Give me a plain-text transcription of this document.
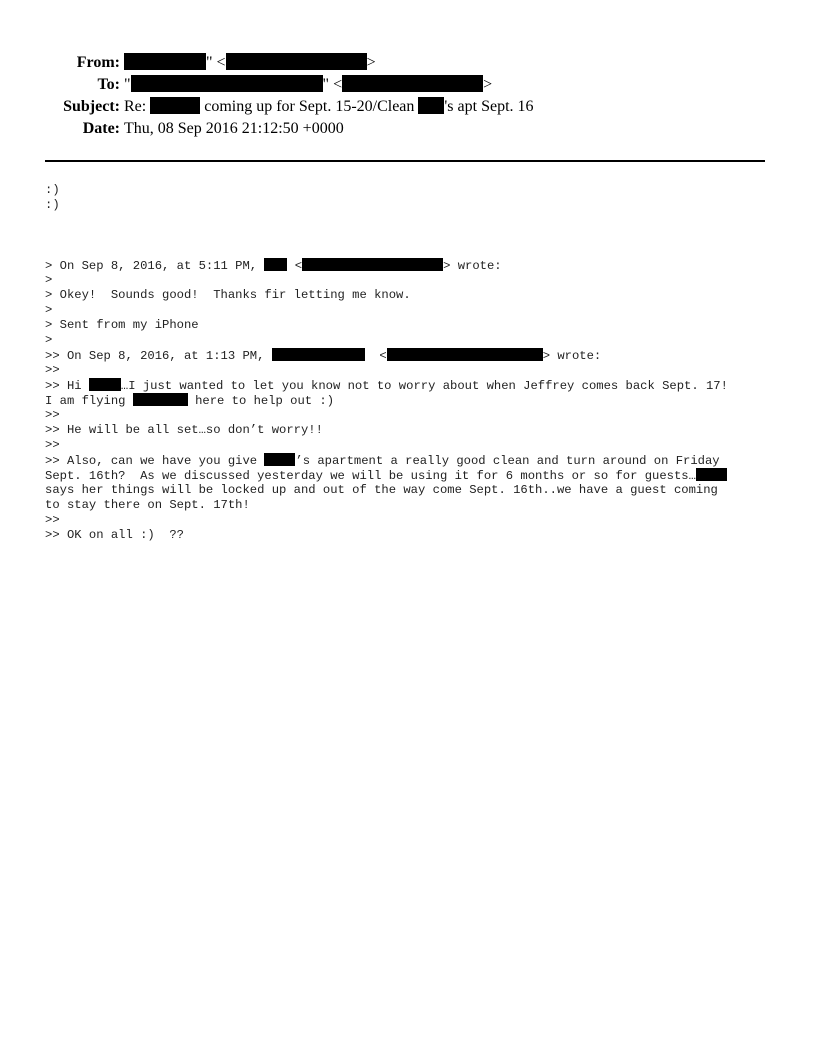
From:	" <	>
To: "	" <	>
Subject: Re:	coming up for Sept. 15-20/Clean 's apt Sept. 16
Date: Thu, 08 Sep 2016 21:12:50 +0000
:)
:)
> On Sep 8, 2016, at 5:11 PM,  <	> wrote:
>
> Okey!  Sounds good!  Thanks fir letting me know.
>
> Sent from my iPhone
>
>> On Sep 8, 2016, at 1:13 PM,	<	> wrote:
>>
>> Hi	…I just wanted to let you know not to worry about when Jeffrey comes back Sept. 17!
I am flying	here to help out :)
>>
>> He will be all set…so don’t worry!!
>>
>> Also, can we have you give	’s apartment a really good clean and turn around on Friday
Sept. 16th?  As we discussed yesterday we will be using it for 6 months or so for guests…
says her things will be locked up and out of the way come Sept. 16th..we have a guest coming
to stay there on Sept. 17th!
>>
>> OK on all :)  ??
